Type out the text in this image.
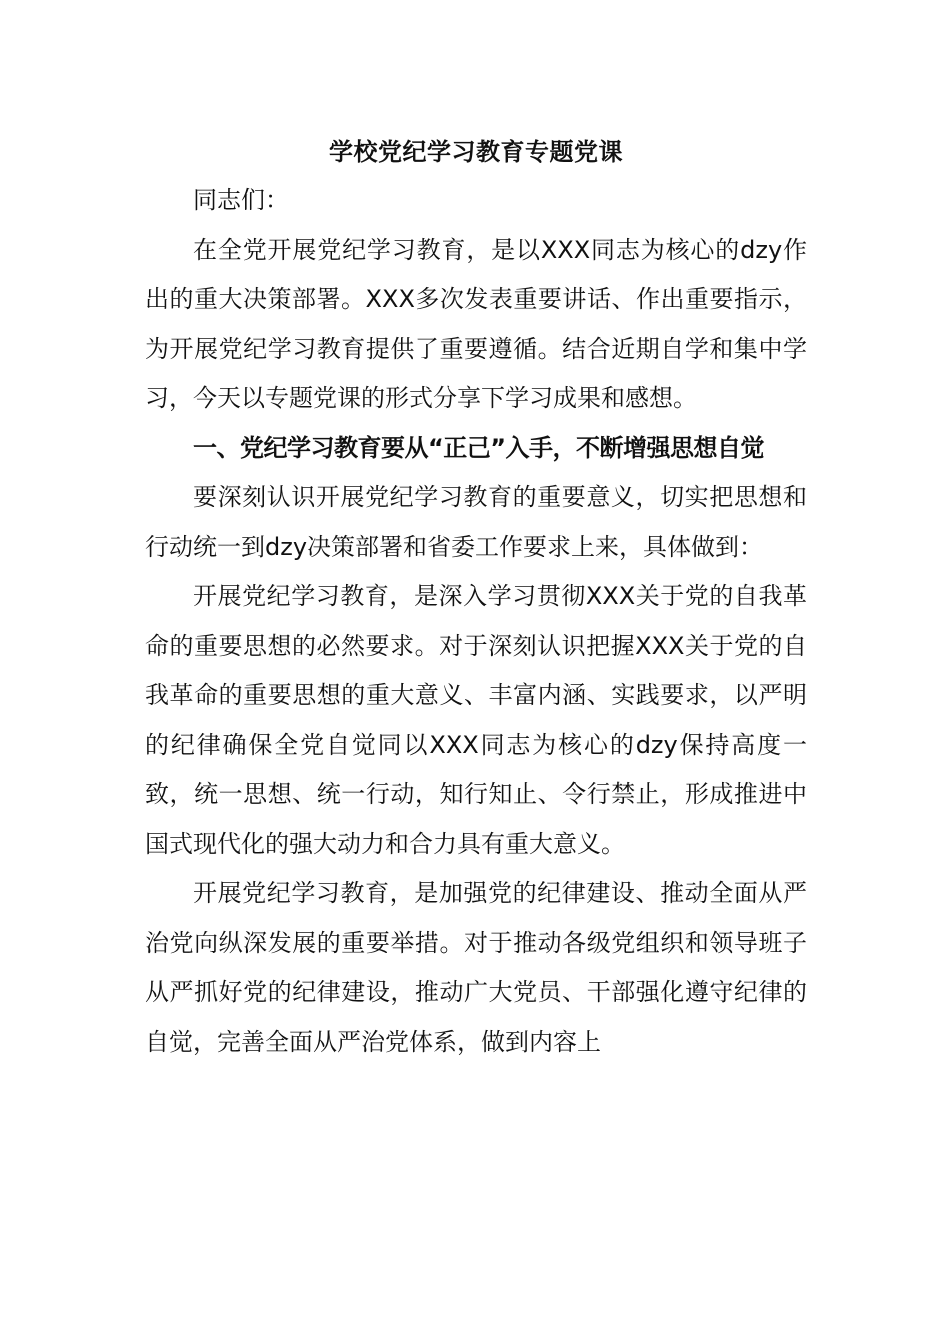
学校党纪学习教育专题党课

同志们：

在全党开展党纪学习教育，是以XXX同志为核心的dzy作出的重大决策部署。XXX多次发表重要讲话、作出重要指示，为开展党纪学习教育提供了重要遵循。结合近期自学和集中学习，今天以专题党课的形式分享下学习成果和感想。

一、党纪学习教育要从“正己”入手，不断增强思想自觉

要深刻认识开展党纪学习教育的重要意义，切实把思想和行动统一到dzy决策部署和省委工作要求上来，具体做到：

开展党纪学习教育，是深入学习贯彻XXX关于党的自我革命的重要思想的必然要求。对于深刻认识把握XXX关于党的自我革命的重要思想的重大意义、丰富内涵、实践要求，以严明的纪律确保全党自觉同以XXX同志为核心的dzy保持高度一致，统一思想、统一行动，知行知止、令行禁止，形成推进中国式现代化的强大动力和合力具有重大意义。

开展党纪学习教育，是加强党的纪律建设、推动全面从严治党向纵深发展的重要举措。对于推动各级党组织和领导班子从严抓好党的纪律建设，推动广大党员、干部强化遵守纪律的自觉，完善全面从严治党体系，做到内容上
